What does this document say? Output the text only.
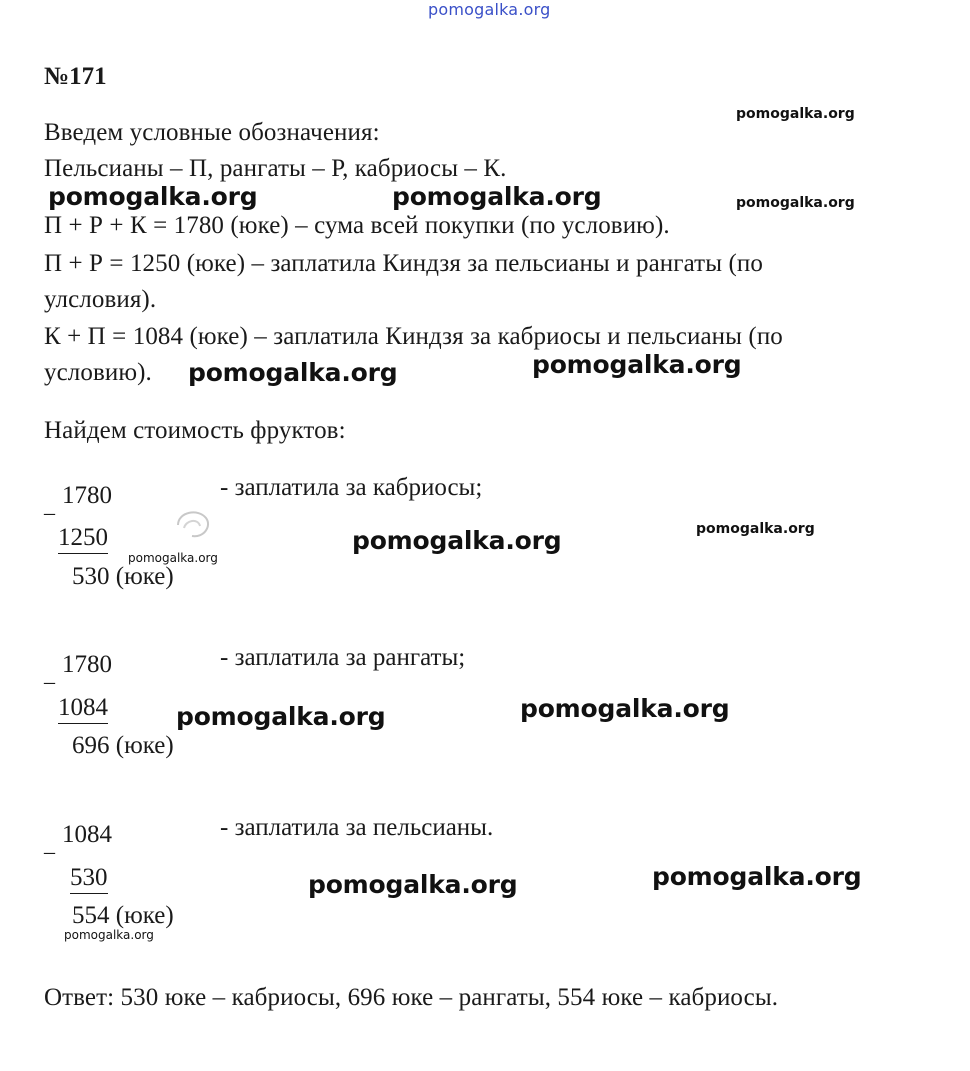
pomogalka.org
№171
Введем условные обозначения:
Пельсианы – П, рангаты – Р, кабриосы – К.
П + Р + К = 1780 (юке) – сума всей покупки (по условию).
П + Р = 1250 (юке) – заплатила Киндзя за пельсианы и рангаты (по
улсловия).
К + П = 1084 (юке) – заплатила Киндзя за кабриосы и пельсианы (по
условию).
Найдем стоимость фруктов:
_ 1780
1250
530 (юке)
- заплатила за кабриосы;
_ 1780
1084
696 (юке)
- заплатила за рангаты;
_ 1084
530
554 (юке)
- заплатила за пельсианы.
Ответ: 530 юке – кабриосы, 696 юке – рангаты, 554 юке – кабриосы.
pomogalka.org
pomogalka.org	pomogalka.org	pomogalka.org
pomogalka.org	pomogalka.org
pomogalka.org
pomogalka.org
pomogalka.org
pomogalka.org	pomogalka.org
pomogalka.org	pomogalka.org
pomogalka.org
